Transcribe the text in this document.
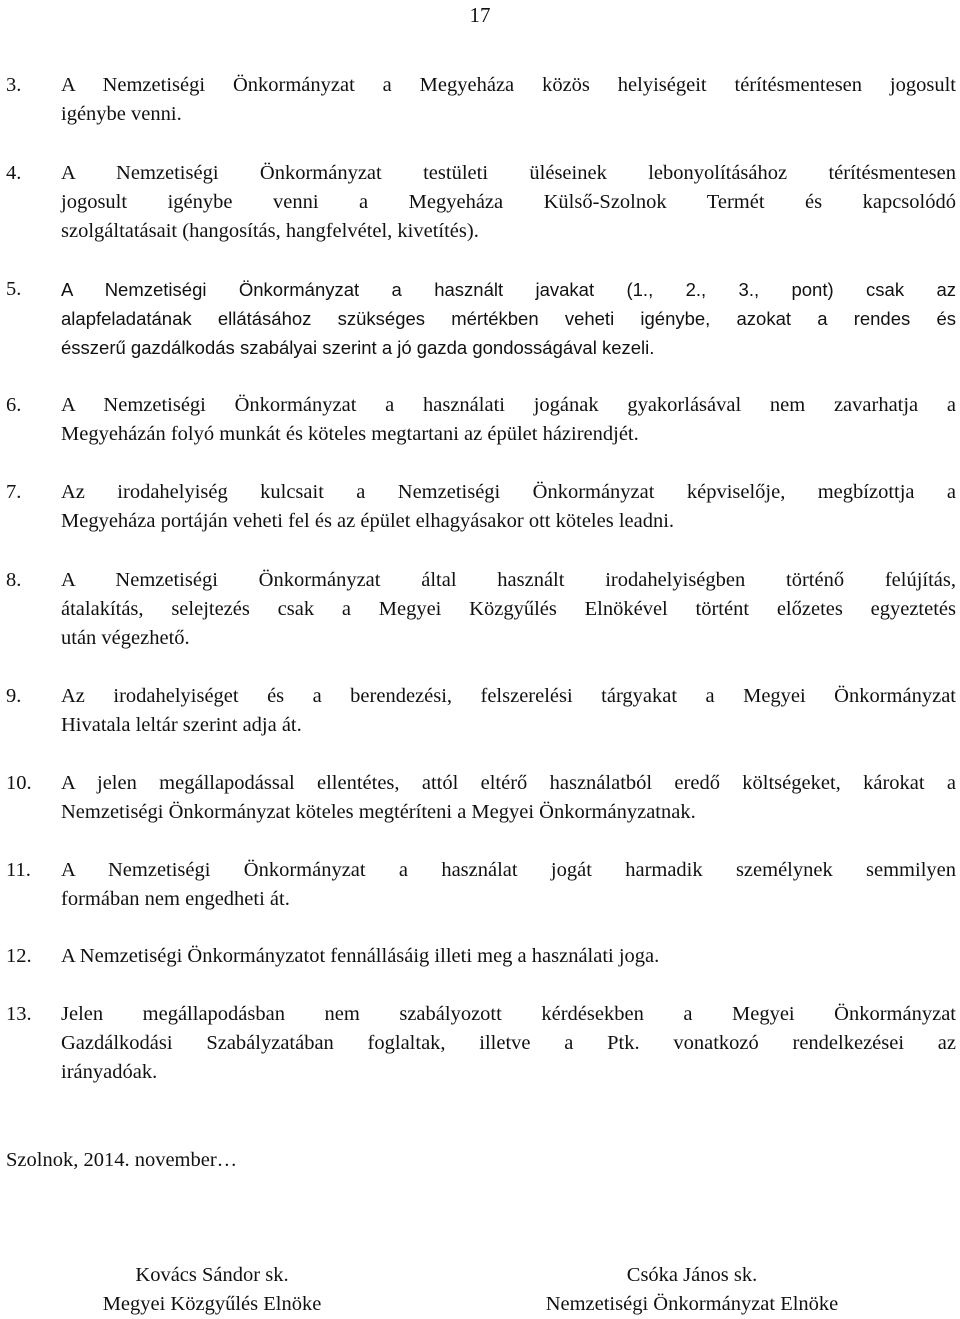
17
3. A Nemzetiségi Önkormányzat a Megyeháza közös helyiségeit térítésmentesen jogosult
igénybe venni.
4. A Nemzetiségi Önkormányzat testületi üléseinek lebonyolításához térítésmentesen
jogosult igénybe venni a Megyeháza Külső-Szolnok Termét és kapcsolódó
szolgáltatásait (hangosítás, hangfelvétel, kivetítés).
5. A Nemzetiségi Önkormányzat a használt javakat (1., 2., 3., pont) csak az
alapfeladatának ellátásához szükséges mértékben veheti igénybe, azokat a rendes és
ésszerű gazdálkodás szabályai szerint a jó gazda gondosságával kezeli.
6. A Nemzetiségi Önkormányzat a használati jogának gyakorlásával nem zavarhatja a
Megyeházán folyó munkát és köteles megtartani az épület házirendjét.
7. Az irodahelyiség kulcsait a Nemzetiségi Önkormányzat képviselője, megbízottja a
Megyeháza portáján veheti fel és az épület elhagyásakor ott köteles leadni.
8. A Nemzetiségi Önkormányzat által használt irodahelyiségben történő felújítás,
átalakítás, selejtezés csak a Megyei Közgyűlés Elnökével történt előzetes egyeztetés
után végezhető.
9. Az irodahelyiséget és a berendezési, felszerelési tárgyakat a Megyei Önkormányzat
Hivatala leltár szerint adja át.
10. A jelen megállapodással ellentétes, attól eltérő használatból eredő költségeket, károkat a
Nemzetiségi Önkormányzat köteles megtéríteni a Megyei Önkormányzatnak.
11. A Nemzetiségi Önkormányzat a használat jogát harmadik személynek semmilyen
formában nem engedheti át.
12. A Nemzetiségi Önkormányzatot fennállásáig illeti meg a használati joga.
13. Jelen megállapodásban nem szabályozott kérdésekben a Megyei Önkormányzat
Gazdálkodási Szabályzatában foglaltak, illetve a Ptk. vonatkozó rendelkezései az
irányadóak.
Szolnok, 2014. november…
Kovács Sándor sk.
Megyei Közgyűlés Elnöke
Csóka János sk.
Nemzetiségi Önkormányzat Elnöke
